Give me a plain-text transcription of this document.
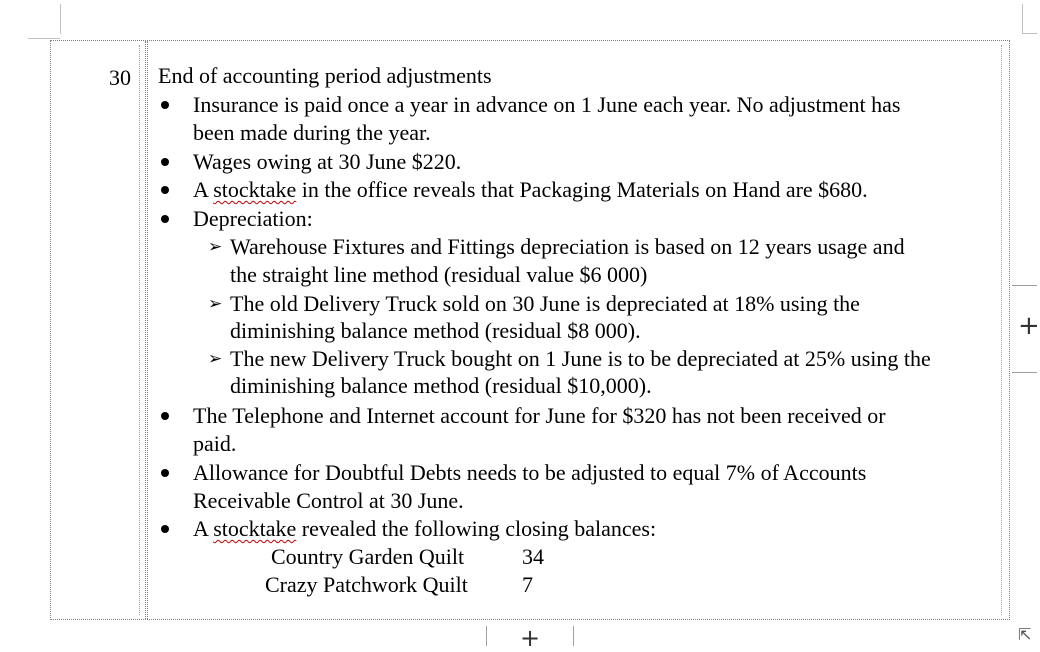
30 End of accounting period adjustments
Insurance is paid once a year in advance on 1 June each year. No adjustment has
been made during the year.
Wages owing at 30 June $220.
A stocktake in the office reveals that Packaging Materials on Hand are $680.
Depreciation:
➢ Warehouse Fixtures and Fittings depreciation is based on 12 years usage and
the straight line method (residual value $6 000)
➢ The old Delivery Truck sold on 30 June is depreciated at 18% using the
diminishing balance method (residual $8 000).
➢ The new Delivery Truck bought on 1 June is to be depreciated at 25% using the
diminishing balance method (residual $10,000).
The Telephone and Internet account for June for $320 has not been received or
paid.
Allowance for Doubtful Debts needs to be adjusted to equal 7% of Accounts
Receivable Control at 30 June.
A stocktake revealed the following closing balances:
Country Garden Quilt	34
Crazy Patchwork Quilt 7
+
+	⇱
